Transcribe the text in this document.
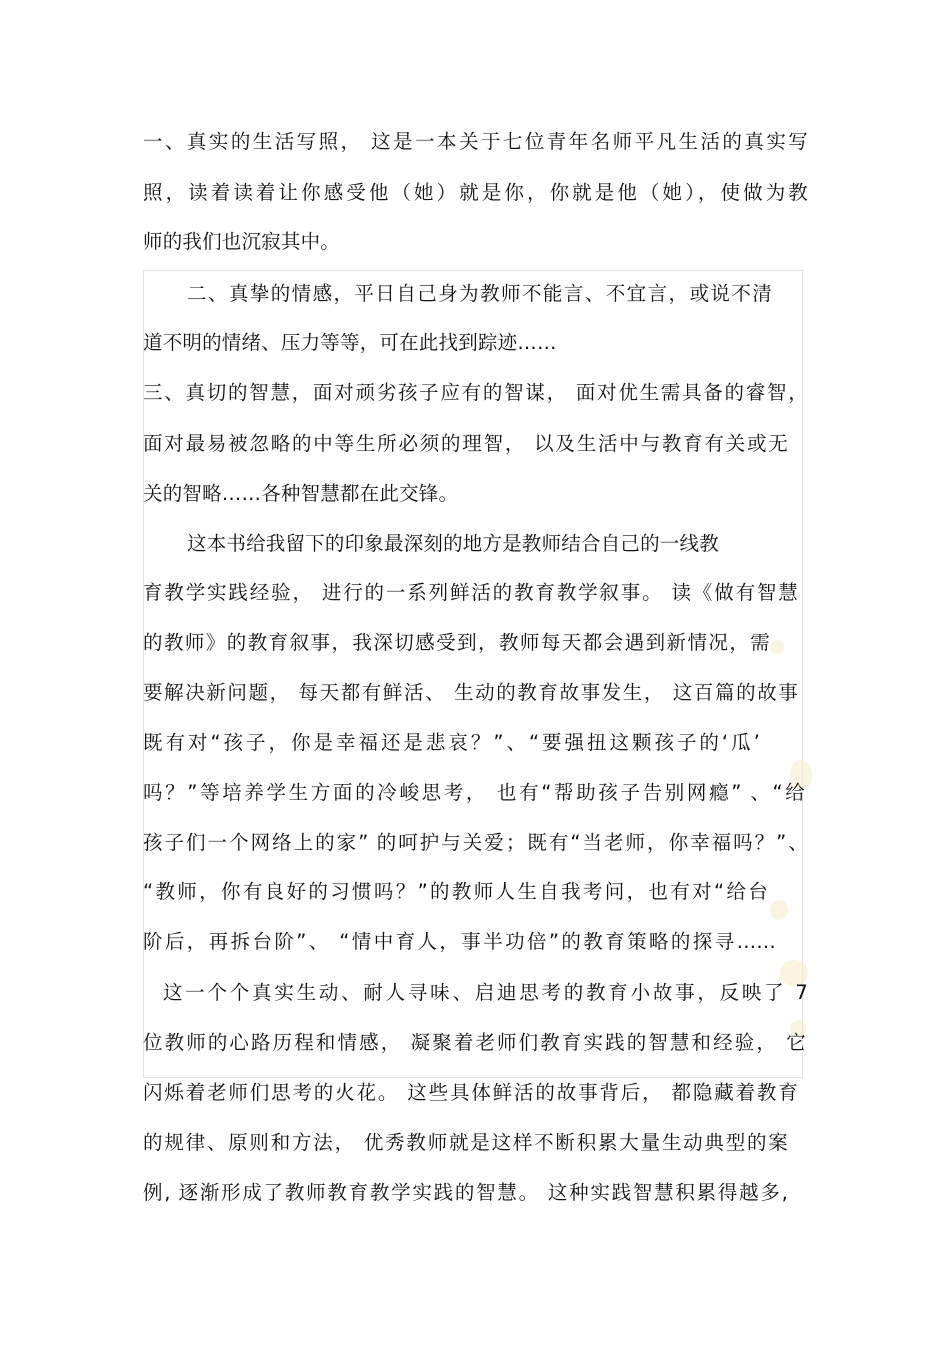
一、真实的生活写照， 这是一本关于七位青年名师平凡生活的真实写
照，读着读着让你感受他（她）就是你，你就是他（她），使做为教
师的我们也沉寂其中。
二、真挚的情感，平日自己身为教师不能言、不宜言，或说不清
道不明的情绪、压力等等，可在此找到踪迹……
三、真切的智慧，面对顽劣孩子应有的智谋， 面对优生需具备的睿智，
面对最易被忽略的中等生所必须的理智， 以及生活中与教育有关或无
关的智略……各种智慧都在此交锋。
这本书给我留下的印象最深刻的地方是教师结合自己的一线教
育教学实践经验， 进行的一系列鲜活的教育教学叙事。 读《做有智慧
的教师》的教育叙事，我深切感受到，教师每天都会遇到新情况，需
要解决新问题， 每天都有鲜活、 生动的教育故事发生， 这百篇的故事
既有对“孩子，你是幸福还是悲哀？”、“要强扭这颗孩子的‘瓜’
吗？”等培养学生方面的冷峻思考， 也有“帮助孩子告别网瘾” 、“给
孩子们一个网络上的家” 的呵护与关爱；既有“当老师，你幸福吗？”、
“教师，你有良好的习惯吗？”的教师人生自我考问，也有对“给台
阶后，再拆台阶”、 “情中育人，事半功倍”的教育策略的探寻……
这一个个真实生动、耐人寻味、启迪思考的教育小故事，反映了 7
位教师的心路历程和情感， 凝聚着老师们教育实践的智慧和经验， 它
闪烁着老师们思考的火花。 这些具体鲜活的故事背后， 都隐藏着教育
的规律、原则和方法， 优秀教师就是这样不断积累大量生动典型的案
例, 逐渐形成了教师教育教学实践的智慧。 这种实践智慧积累得越多,
